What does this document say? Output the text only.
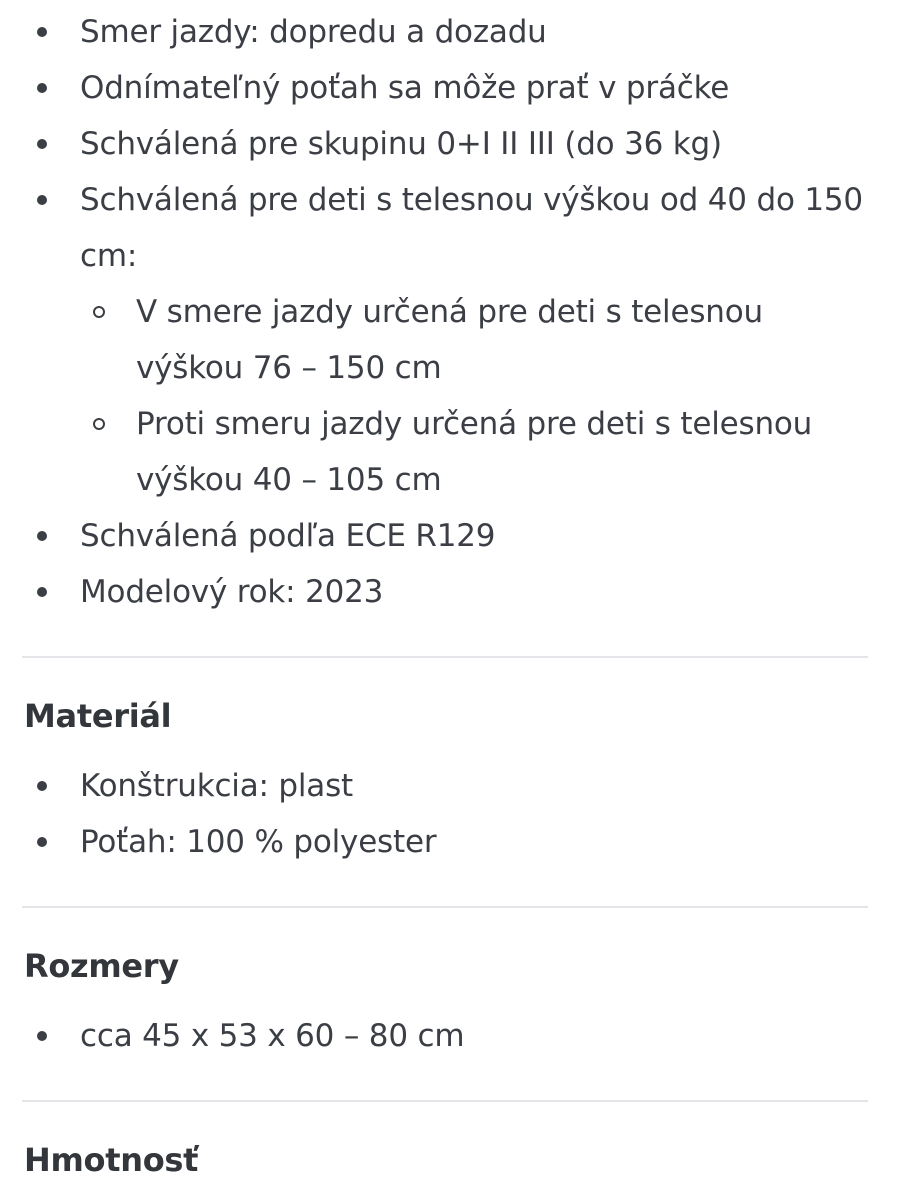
Smer jazdy: dopredu a dozadu
Odnímateľný poťah sa môže prať v práčke
Schválená pre skupinu 0+I II III (do 36 kg)
Schválená pre deti s telesnou výškou od 40 do 150 cm:
V smere jazdy určená pre deti s telesnou výškou 76 – 150 cm
Proti smeru jazdy určená pre deti s telesnou výškou 40 – 105 cm
Schválená podľa ECE R129
Modelový rok: 2023
Materiál
Konštrukcia: plast
Poťah: 100 % polyester
Rozmery
cca 45 x 53 x 60 – 80 cm
Hmotnosť
